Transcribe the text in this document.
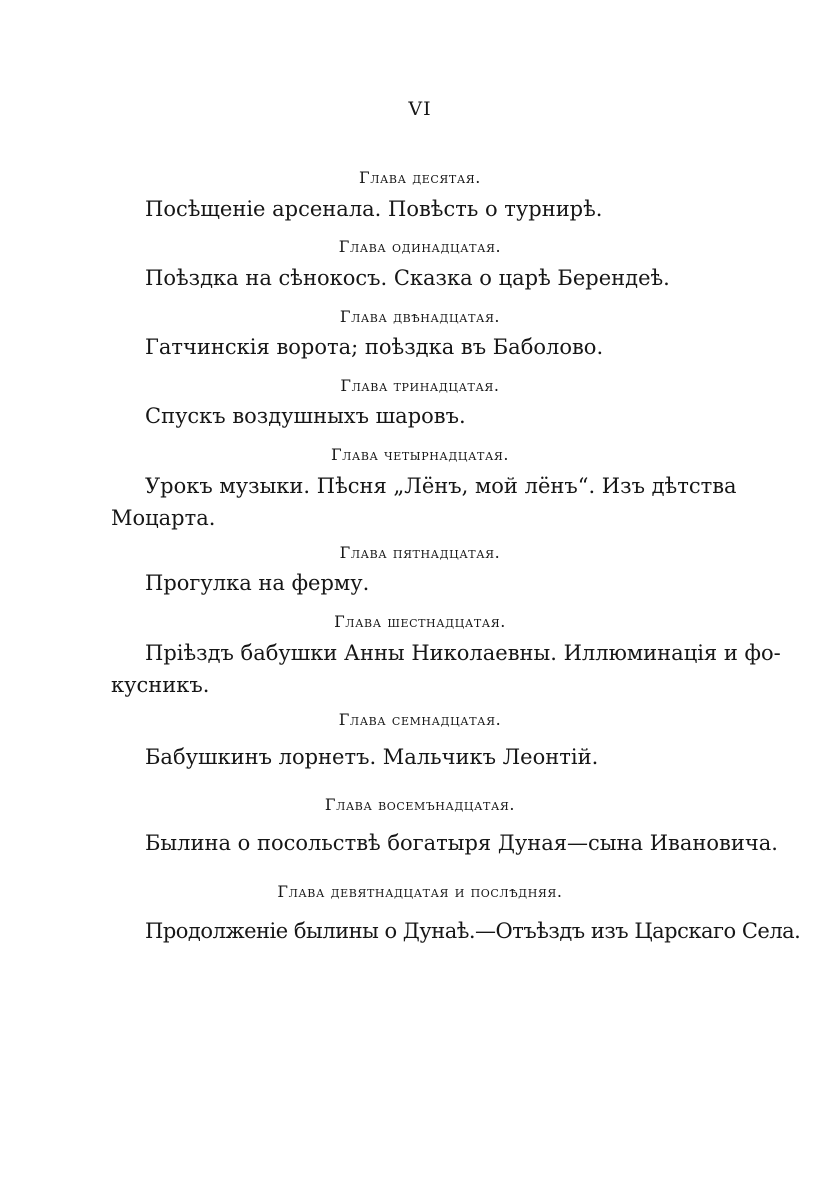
VI
Глава десятая.
Посѣщеніе арсенала. Повѣсть о турнирѣ.
Глава одинадцатая.
Поѣздка на сѣнокосъ. Сказка о царѣ Берендеѣ.
Глава двѣнадцатая.
Гатчинскія ворота; поѣздка въ Баболово.
Глава тринадцатая.
Спускъ воздушныхъ шаровъ.
Глава четырнадцатая.
Урокъ музыки. Пѣсня „Лёнъ, мой лёнъ“. Изъ дѣтства
Моцарта.
Глава пятнадцатая.
Прогулка на ферму.
Глава шестнадцатая.
Пріѣздъ бабушки Анны Николаевны. Иллюминація и фо-
кусникъ.
Глава семнадцатая.
Бабушкинъ лорнетъ. Мальчикъ Леонтій.
Глава восемънадцатая.
Былина о посольствѣ богатыря Дуная—сына Ивановича.
Глава девятнадцатая и послѣдняя.
Продолженіе былины о Дунаѣ.—Отъѣздъ изъ Царскаго Села.
